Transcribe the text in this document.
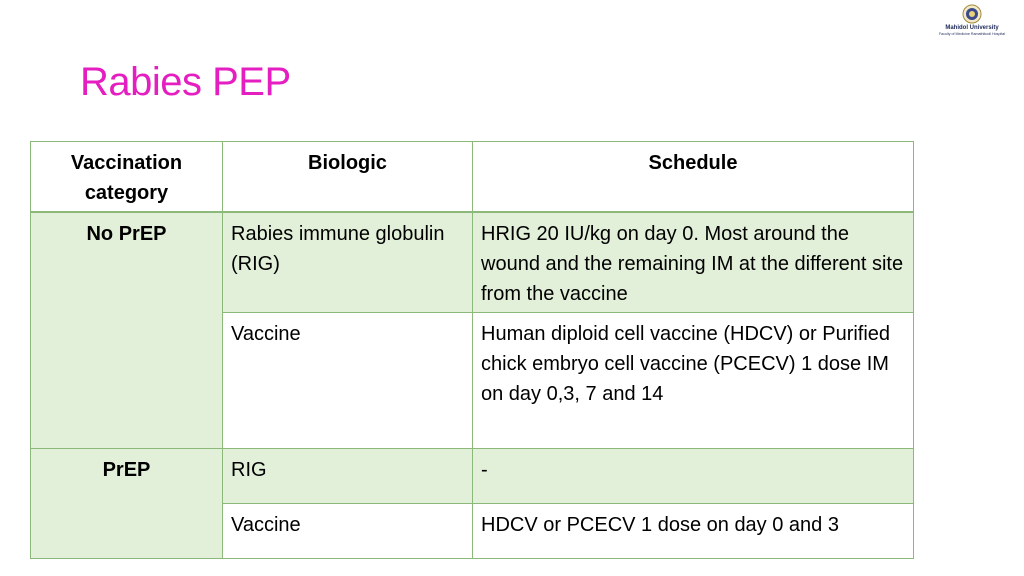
Mahidol University
Faculty of Medicine Ramathibodi Hospital
Rabies PEP
Vaccination category	Biologic	Schedule
No PrEP	Rabies immune globulin (RIG)	HRIG 20 IU/kg on day 0. Most around the wound and the remaining IM at the different site from the vaccine
	Vaccine	Human diploid cell vaccine (HDCV) or Purified chick embryo cell vaccine (PCECV) 1 dose IM on day 0,3, 7 and 14
PrEP	RIG	-
	Vaccine	HDCV or PCECV 1 dose on day 0 and 3
